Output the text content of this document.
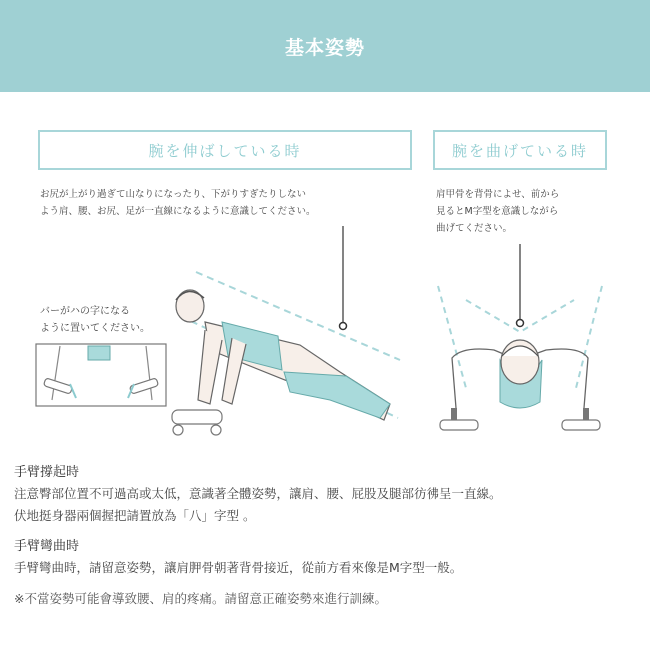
基本姿勢
腕を伸ばしている時	腕を曲げている時
お尻が上がり過ぎて山なりになったり、下がりすぎたりしない
よう肩、腰、お尻、足が一直線になるように意識してください。
肩甲骨を背骨によせ、前から
見るとM字型を意識しながら
曲げてください。
バーがハの字になる
ように置いてください。
手臂撐起時
注意臀部位置不可過高或太低，意識著全體姿勢，讓肩、腰、屁股及腿部彷彿呈一直線。
伏地挺身器兩個握把請置放為「八」字型 。
手臂彎曲時
手臂彎曲時，請留意姿勢，讓肩胛骨朝著背骨接近，從前方看來像是M字型一般。
※不當姿勢可能會導致腰、肩的疼痛。請留意正確姿勢來進行訓練。
